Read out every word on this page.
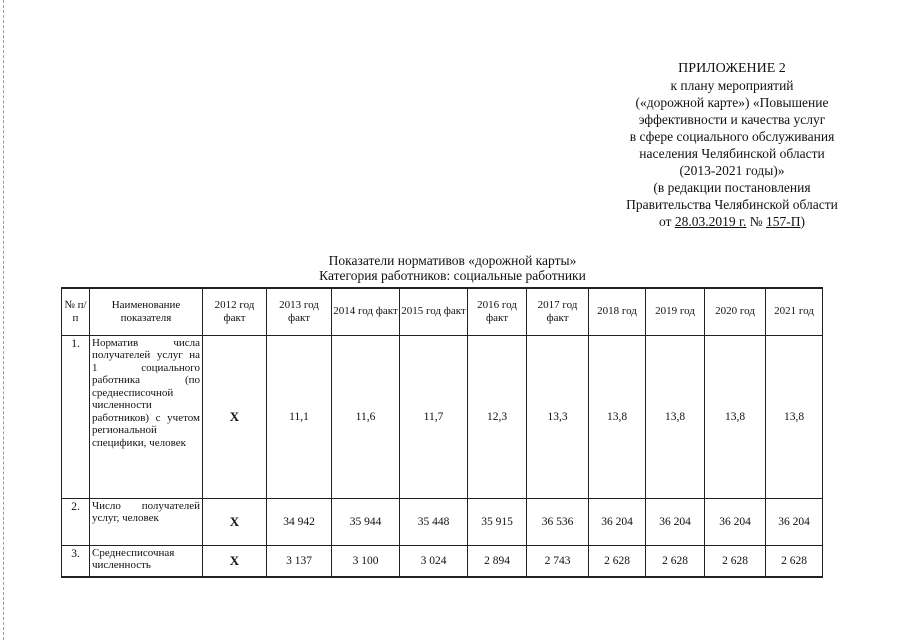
ПРИЛОЖЕНИЕ 2
к плану мероприятий
(«дорожной карте») «Повышение
эффективности и качества услуг
в сфере социального обслуживания
населения Челябинской области
(2013-2021 годы)»
(в редакции постановления
Правительства Челябинской области
от 28.03.2019 г. № 157-П)
Показатели нормативов «дорожной карты»
Категория работников: социальные работники
№ п/п	Наименование показателя	2012 год факт	2013 год факт	2014 год факт	2015 год факт	2016 год факт	2017 год факт	2018 год	2019 год	2020 год	2021 год
1.	Норматив числа получателей услуг на 1 социального работника (по среднесписочной численности работников) с учетом региональной специфики, человек	Х	11,1	11,6	11,7	12,3	13,3	13,8	13,8	13,8	13,8
2.	Число получателей услуг, человек	Х	34 942	35 944	35 448	35 915	36 536	36 204	36 204	36 204	36 204
3.	Среднесписочная численность	Х	3 137	3 100	3 024	2 894	2 743	2 628	2 628	2 628	2 628
